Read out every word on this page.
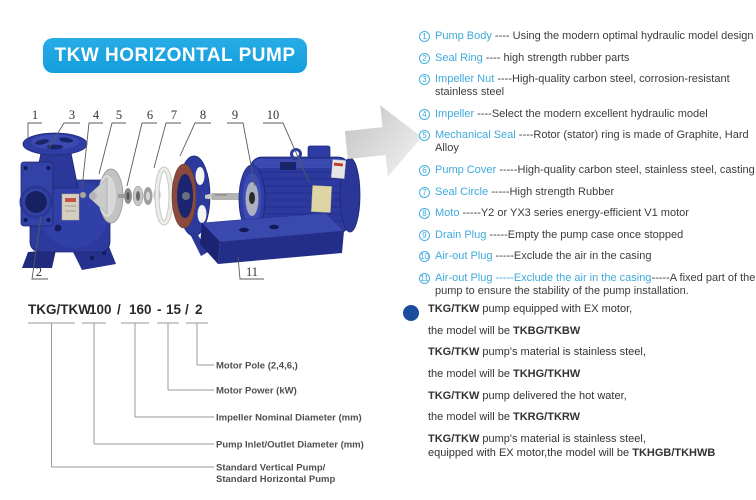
TKW HORIZONTAL PUMP
1
2
3 4 5 6 7 8 9 10
11
1 Pump Body ---- Using the modern optimal hydraulic model design
2 Seal Ring ---- high strength rubber parts
3 Impeller Nut ----High-quality carbon steel, corrosion-resistant stainless steel
4 Impeller ----Select the modern excellent hydraulic model
5 Mechanical Seal ----Rotor (stator) ring is made of Graphite, Hard Alloy
6 Pump Cover -----High-quality carbon steel, stainless steel, casting
7 Seal Circle -----High strength Rubber
8 Moto -----Y2 or YX3 series energy-efficient V1 motor
9 Drain Plug -----Empty the pump case once stopped
10 Air-out Plug -----Exclude the air in the casing
11 Air-out Plug -----Exclude the air in the casing-----A fixed part of the pump to ensure the stability of the pump installation.
TKG/TKW
100 / 160 - 15 / 2
Motor Pole (2,4,6,)
Motor Power (kW)
Impeller Nominal Diameter (mm)
Pump Inlet/Outlet Diameter (mm)
Standard Vertical Pump/
Standard Horizontal Pump
TKG/TKW pump equipped with EX motor,
the model will be TKBG/TKBW
TKG/TKW pump's material is stainless steel,
the model will be TKHG/TKHW
TKG/TKW pump delivered the hot water,
the model will be TKRG/TKRW
TKG/TKW pump's material is stainless steel,
equipped with EX motor,the model will be TKHGB/TKHWB
